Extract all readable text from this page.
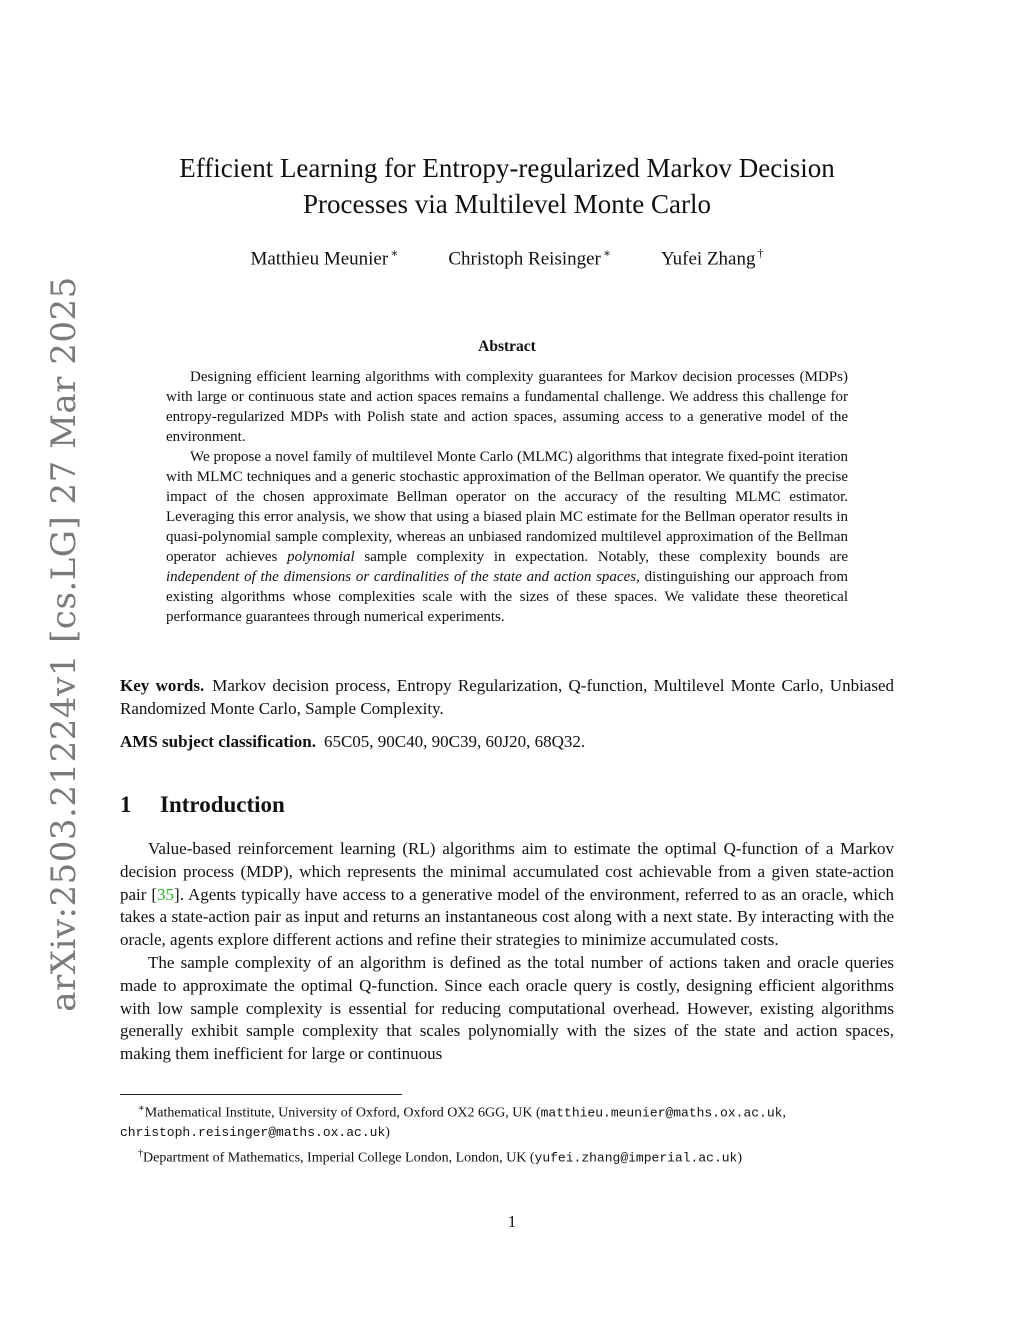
arXiv:2503.21224v1 [cs.LG] 27 Mar 2025
Efficient Learning for Entropy-regularized Markov Decision
Processes via Multilevel Monte Carlo
Matthieu Meunier ∗	Christoph Reisinger ∗	Yufei Zhang †
Abstract

Designing efficient learning algorithms with complexity guarantees for Markov decision processes (MDPs) with large or continuous state and action spaces remains a fundamental challenge. We address this challenge for entropy-regularized MDPs with Polish state and action spaces, assuming access to a generative model of the environment.

We propose a novel family of multilevel Monte Carlo (MLMC) algorithms that integrate fixed-point iteration with MLMC techniques and a generic stochastic approximation of the Bellman operator. We quantify the precise impact of the chosen approximate Bellman operator on the accuracy of the resulting MLMC estimator. Leveraging this error analysis, we show that using a biased plain MC estimate for the Bellman operator results in quasi-polynomial sample complexity, whereas an unbiased randomized multilevel approximation of the Bellman operator achieves polynomial sample complexity in expectation. Notably, these complexity bounds are independent of the dimensions or cardinalities of the state and action spaces, distinguishing our approach from existing algorithms whose complexities scale with the sizes of these spaces. We validate these theoretical performance guarantees through numerical experiments.

Key words. Markov decision process, Entropy Regularization, Q-function, Multilevel Monte Carlo, Unbiased Randomized Monte Carlo, Sample Complexity.
AMS subject classification. 65C05, 90C40, 90C39, 60J20, 68Q32.
1 Introduction

Value-based reinforcement learning (RL) algorithms aim to estimate the optimal Q-function of a Markov decision process (MDP), which represents the minimal accumulated cost achievable from a given state-action pair [35]. Agents typically have access to a generative model of the environment, referred to as an oracle, which takes a state-action pair as input and returns an instantaneous cost along with a next state. By interacting with the oracle, agents explore different actions and refine their strategies to minimize accumulated costs.

The sample complexity of an algorithm is defined as the total number of actions taken and oracle queries made to approximate the optimal Q-function. Since each oracle query is costly, designing efficient algorithms with low sample complexity is essential for reducing computational overhead. However, existing algorithms generally exhibit sample complexity that scales polynomially with the sizes of the state and action spaces, making them inefficient for large or continuous

∗Mathematical Institute, University of Oxford, Oxford OX2 6GG, UK (matthieu.meunier@maths.ox.ac.uk, christoph.reisinger@maths.ox.ac.uk)

†Department of Mathematics, Imperial College London, London, UK (yufei.zhang@imperial.ac.uk)

1
